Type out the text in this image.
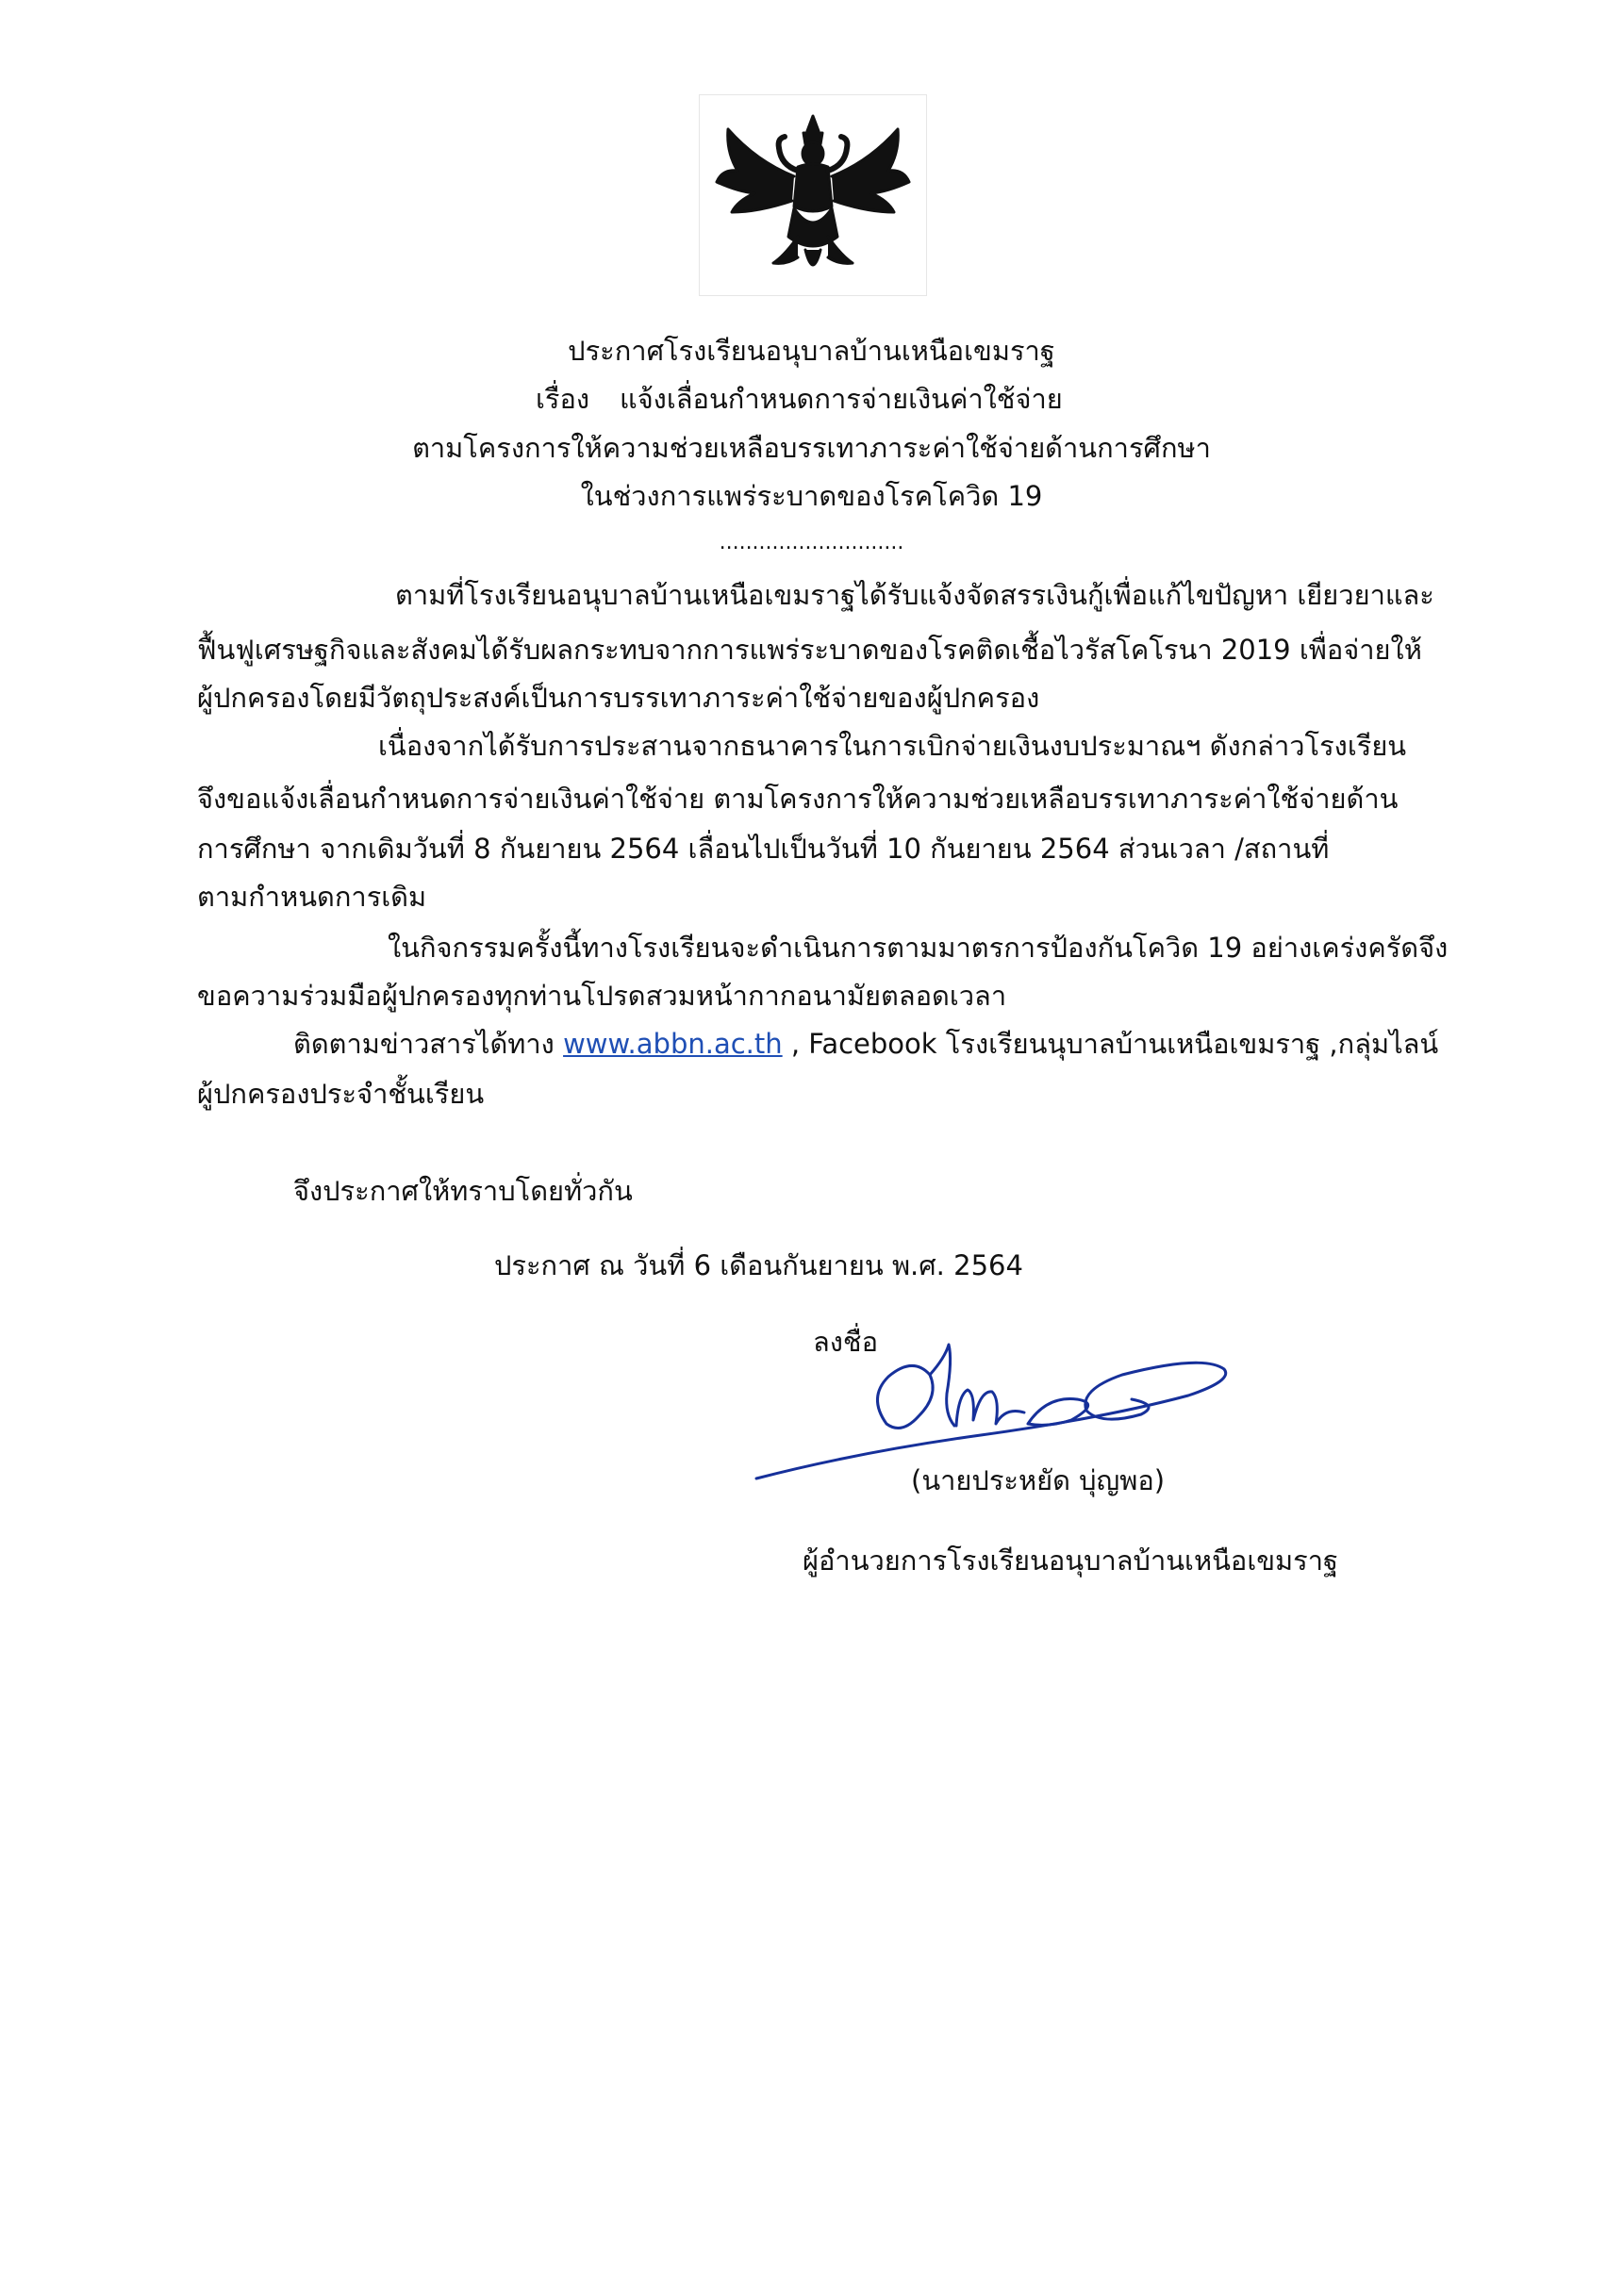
ประกาศโรงเรียนอนุบาลบ้านเหนือเขมราฐ
เรื่อง แจ้งเลื่อนกำหนดการจ่ายเงินค่าใช้จ่าย
ตามโครงการให้ความช่วยเหลือบรรเทาภาระค่าใช้จ่ายด้านการศึกษา
ในช่วงการแพร่ระบาดของโรคโควิด 19
............................
ตามที่โรงเรียนอนุบาลบ้านเหนือเขมราฐได้รับแจ้งจัดสรรเงินกู้เพื่อแก้ไขปัญหา เยียวยาและ
ฟื้นฟูเศรษฐกิจและสังคมได้รับผลกระทบจากการแพร่ระบาดของโรคติดเชื้อไวรัสโคโรนา 2019 เพื่อจ่ายให้
ผู้ปกครองโดยมีวัตถุประสงค์เป็นการบรรเทาภาระค่าใช้จ่ายของผู้ปกครอง
เนื่องจากได้รับการประสานจากธนาคารในการเบิกจ่ายเงินงบประมาณฯ ดังกล่าวโรงเรียน
จึงขอแจ้งเลื่อนกำหนดการจ่ายเงินค่าใช้จ่าย ตามโครงการให้ความช่วยเหลือบรรเทาภาระค่าใช้จ่ายด้าน
การศึกษา จากเดิมวันที่ 8 กันยายน 2564 เลื่อนไปเป็นวันที่ 10 กันยายน 2564 ส่วนเวลา /สถานที่
ตามกำหนดการเดิม
ในกิจกรรมครั้งนี้ทางโรงเรียนจะดำเนินการตามมาตรการป้องกันโควิด 19 อย่างเคร่งครัดจึง
ขอความร่วมมือผู้ปกครองทุกท่านโปรดสวมหน้ากากอนามัยตลอดเวลา
ติดตามข่าวสารได้ทาง www.abbn.ac.th , Facebook โรงเรียนนุบาลบ้านเหนือเขมราฐ ,กลุ่มไลน์
ผู้ปกครองประจำชั้นเรียน
จึงประกาศให้ทราบโดยทั่วกัน
ประกาศ ณ วันที่ 6 เดือนกันยายน พ.ศ. 2564
ลงชื่อ
(นายประหยัด บุ่ญพอ)
ผู้อำนวยการโรงเรียนอนุบาลบ้านเหนือเขมราฐ
